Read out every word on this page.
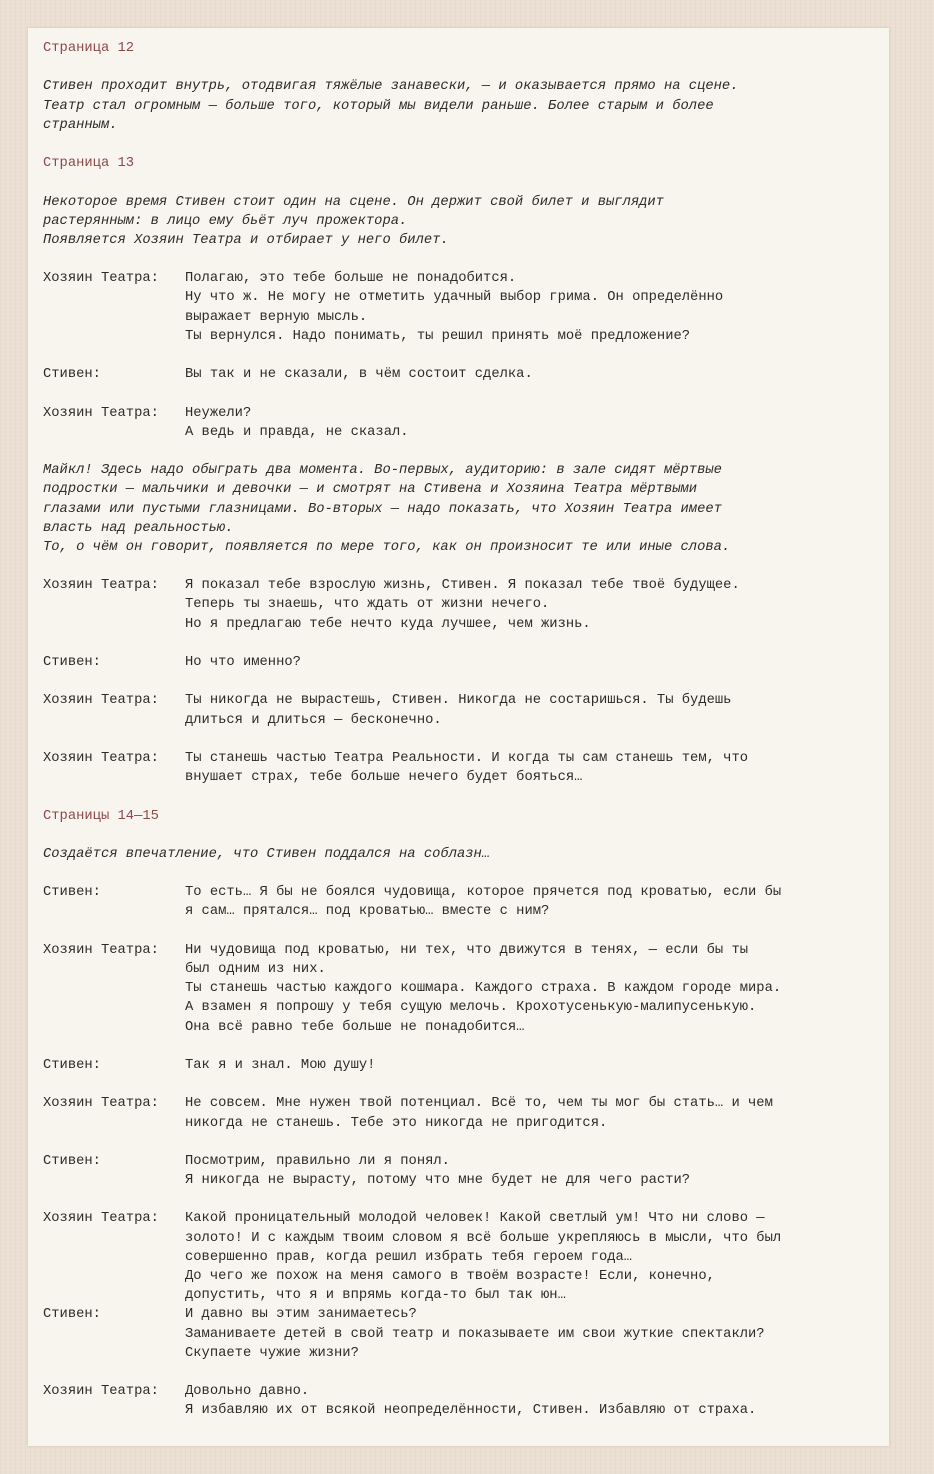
Страница 12
Стивен проходит внутрь, отодвигая тяжёлые занавески, — и оказывается прямо на сцене.
Театр стал огромным — больше того, который мы видели раньше. Более старым и более
странным.
Страница 13
Некоторое время Стивен стоит один на сцене. Он держит свой билет и выглядит
растерянным: в лицо ему бьёт луч прожектора.
Появляется Хозяин Театра и отбирает у него билет.
Хозяин Театра: Полагаю, это тебе больше не понадобится.
Ну что ж. Не могу не отметить удачный выбор грима. Он определённо
выражает верную мысль.
Ты вернулся. Надо понимать, ты решил принять моё предложение?
Стивен:	Вы так и не сказали, в чём состоит сделка.
Хозяин Театра: Неужели?
А ведь и правда, не сказал.
Майкл! Здесь надо обыграть два момента. Во-первых, аудиторию: в зале сидят мёртвые
подростки — мальчики и девочки — и смотрят на Стивена и Хозяина Театра мёртвыми
глазами или пустыми глазницами. Во-вторых — надо показать, что Хозяин Театра имеет
власть над реальностью.
То, о чём он говорит, появляется по мере того, как он произносит те или иные слова.
Хозяин Театра: Я показал тебе взрослую жизнь, Стивен. Я показал тебе твоё будущее.
Теперь ты знаешь, что ждать от жизни нечего.
Но я предлагаю тебе нечто куда лучшее, чем жизнь.
Стивен:	Но что именно?
Хозяин Театра: Ты никогда не вырастешь, Стивен. Никогда не состаришься. Ты будешь
длиться и длиться — бесконечно.
Хозяин Театра: Ты станешь частью Театра Реальности. И когда ты сам станешь тем, что
внушает страх, тебе больше нечего будет бояться…
Страницы 14—15
Создаётся впечатление, что Стивен поддался на соблазн…
Стивен:	То есть… Я бы не боялся чудовища, которое прячется под кроватью, если бы
я сам… прятался… под кроватью… вместе с ним?
Хозяин Театра: Ни чудовища под кроватью, ни тех, что движутся в тенях, — если бы ты
был одним из них.
Ты станешь частью каждого кошмара. Каждого страха. В каждом городе мира.
А взамен я попрошу у тебя сущую мелочь. Крохотусенькую-малипусенькую.
Она всё равно тебе больше не понадобится…
Стивен:	Так я и знал. Мою душу!
Хозяин Театра: Не совсем. Мне нужен твой потенциал. Всё то, чем ты мог бы стать… и чем
никогда не станешь. Тебе это никогда не пригодится.
Стивен:	Посмотрим, правильно ли я понял.
Я никогда не вырасту, потому что мне будет не для чего расти?
Хозяин Театра: Какой проницательный молодой человек! Какой светлый ум! Что ни слово —
золото! И с каждым твоим словом я всё больше укрепляюсь в мысли, что был
совершенно прав, когда решил избрать тебя героем года…
До чего же похож на меня самого в твоём возрасте! Если, конечно,
допустить, что я и впрямь когда-то был так юн…
Стивен:	И давно вы этим занимаетесь?
Заманиваете детей в свой театр и показываете им свои жуткие спектакли?
Скупаете чужие жизни?
Хозяин Театра: Довольно давно.
Я избавляю их от всякой неопределённости, Стивен. Избавляю от страха.
